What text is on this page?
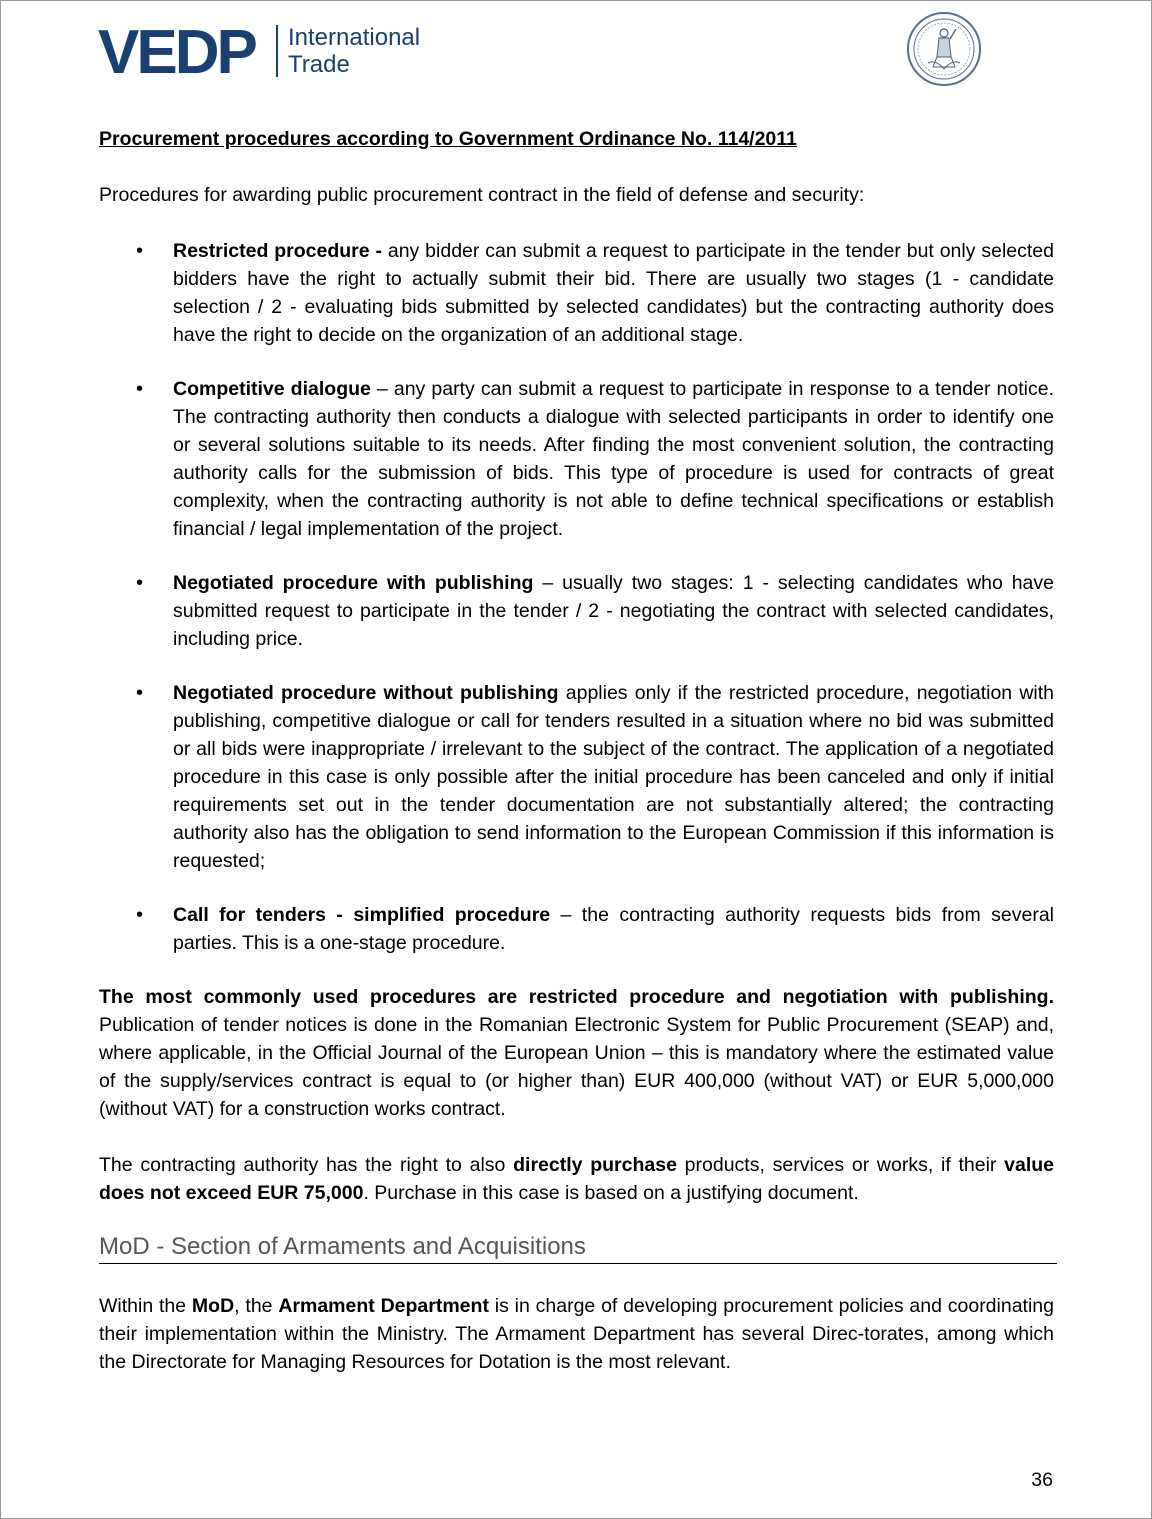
VEDP International
Trade

Procurement procedures according to Government Ordinance No. 114/2011

Procedures for awarding public procurement contract in the field of defense and security:

• Restricted procedure - any bidder can submit a request to participate in the tender but only selected bidders have the right to actually submit their bid. There are usually two stages (1 - candidate selection / 2 - evaluating bids submitted by selected candidates) but the contracting authority does have the right to decide on the organization of an additional stage.
• Competitive dialogue – any party can submit a request to participate in response to a tender notice. The contracting authority then conducts a dialogue with selected participants in order to identify one or several solutions suitable to its needs. After finding the most convenient solution, the contracting authority calls for the submission of bids. This type of procedure is used for contracts of great complexity, when the contracting authority is not able to define technical specifications or establish financial / legal implementation of the project.
• Negotiated procedure with publishing – usually two stages: 1 - selecting candidates who have submitted request to participate in the tender / 2 - negotiating the contract with selected candidates, including price.
• Negotiated procedure without publishing applies only if the restricted procedure, negotiation with publishing, competitive dialogue or call for tenders resulted in a situation where no bid was submitted or all bids were inappropriate / irrelevant to the subject of the contract. The application of a negotiated procedure in this case is only possible after the initial procedure has been canceled and only if initial requirements set out in the tender documentation are not substantially altered; the contracting authority also has the obligation to send information to the European Commission if this information is requested;
• Call for tenders - simplified procedure – the contracting authority requests bids from several parties. This is a one-stage procedure.

The most commonly used procedures are restricted procedure and negotiation with publishing. Publication of tender notices is done in the Romanian Electronic System for Public Procurement (SEAP) and, where applicable, in the Official Journal of the European Union – this is mandatory where the estimated value of the supply/services contract is equal to (or higher than) EUR 400,000 (without VAT) or EUR 5,000,000 (without VAT) for a construction works contract.

The contracting authority has the right to also directly purchase products, services or works, if their value does not exceed EUR 75,000. Purchase in this case is based on a justifying document.

MoD - Section of Armaments and Acquisitions

Within the MoD, the Armament Department is in charge of developing procurement policies and coordinating their implementation within the Ministry. The Armament Department has several Direc-torates, among which the Directorate for Managing Resources for Dotation is the most relevant.

36
